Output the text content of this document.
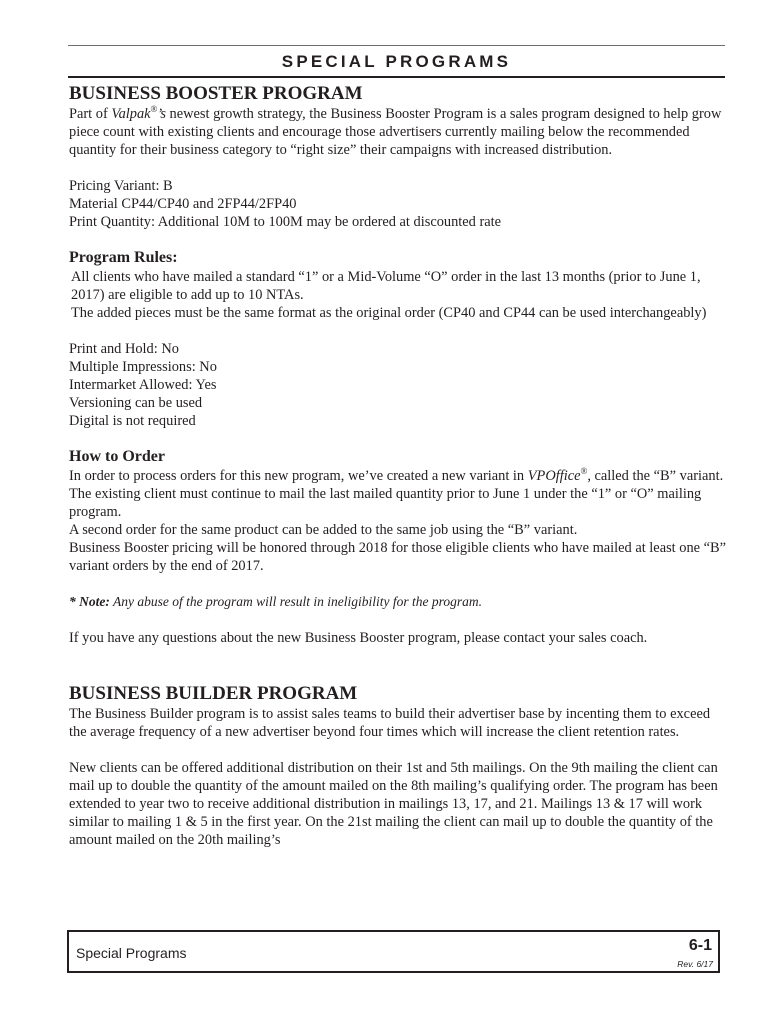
SPECIAL PROGRAMS
BUSINESS BOOSTER PROGRAM

Part of Valpak®’s newest growth strategy, the Business Booster Program is a sales program designed to help grow piece count with existing clients and encourage those advertisers currently mailing below the recommended quantity for their business category to “right size” their campaigns with increased distribution.

Pricing Variant: B

Material CP44/CP40 and 2FP44/2FP40

Print Quantity: Additional 10M to 100M may be ordered at discounted rate

Program Rules:

All clients who have mailed a standard “1” or a Mid-Volume “O” order in the last 13 months (prior to June 1, 2017) are eligible to add up to 10 NTAs.

The added pieces must be the same format as the original order (CP40 and CP44 can be used interchangeably)

Print and Hold: No

Multiple Impressions: No

Intermarket Allowed: Yes

Versioning can be used

Digital is not required

How to Order

In order to process orders for this new program, we’ve created a new variant in VPOffice®, called the “B” variant.

The existing client must continue to mail the last mailed quantity prior to June 1 under the “1” or “O” mailing program.

A second order for the same product can be added to the same job using the “B” variant.

Business Booster pricing will be honored through 2018 for those eligible clients who have mailed at least one “B” variant orders by the end of 2017.

* Note: Any abuse of the program will result in ineligibility for the program.

If you have any questions about the new Business Booster program, please contact your sales coach.

BUSINESS BUILDER PROGRAM

The Business Builder program is to assist sales teams to build their advertiser base by incenting them to exceed the average frequency of a new advertiser beyond four times which will increase the client retention rates.

New clients can be offered additional distribution on their 1st and 5th mailings. On the 9th mailing the client can mail up to double the quantity of the amount mailed on the 8th mailing’s qualifying order. The program has been extended to year two to receive additional distribution in mailings 13, 17, and 21. Mailings 13 & 17 will work similar to mailing 1 & 5 in the first year. On the 21st mailing the client can mail up to double the quantity of the amount mailed on the 20th mailing’s

Special Programs	6-1
Rev. 6/17
